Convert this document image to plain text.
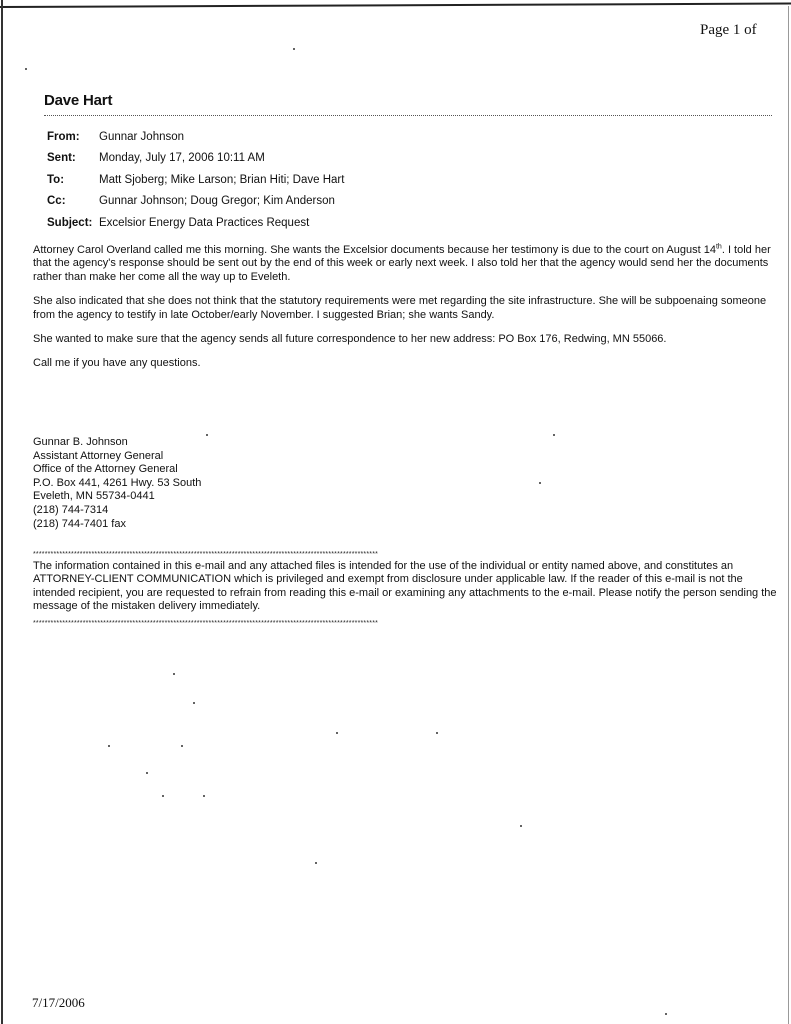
Page 1 of
Dave Hart
From:	Gunnar Johnson
Sent:	Monday, July 17, 2006 10:11 AM
To:	Matt Sjoberg; Mike Larson; Brian Hiti; Dave Hart
Cc:	Gunnar Johnson; Doug Gregor; Kim Anderson
Subject: Excelsior Energy Data Practices Request

Attorney Carol Overland called me this morning. She wants the Excelsior documents because her testimony is due to the court on August 14th. I told her that the agency's response should be sent out by the end of this week or early next week. I also told her that the agency would send her the documents rather than make her come all the way up to Eveleth.

She also indicated that she does not think that the statutory requirements were met regarding the site infrastructure. She will be subpoenaing someone from the agency to testify in late October/early November. I suggested Brian; she wants Sandy.

She wanted to make sure that the agency sends all future correspondence to her new address: PO Box 176, Redwing, MN 55066.

Call me if you have any questions.

Gunnar B. Johnson
Assistant Attorney General
Office of the Attorney General
P.O. Box 441, 4261 Hwy. 53 South
Eveleth, MN 55734-0441
(218) 744-7314
(218) 744-7401 fax
**********************************************************************************************************************
The information contained in this e-mail and any attached files is intended for the use of the individual or entity named above, and constitutes an ATTORNEY-CLIENT COMMUNICATION which is privileged and exempt from disclosure under applicable law. If the reader of this e-mail is not the intended recipient, you are requested to refrain from reading this e-mail or examining any attachments to the e-mail. Please notify the person sending the message of the mistaken delivery immediately.
**********************************************************************************************************************
7/17/2006
